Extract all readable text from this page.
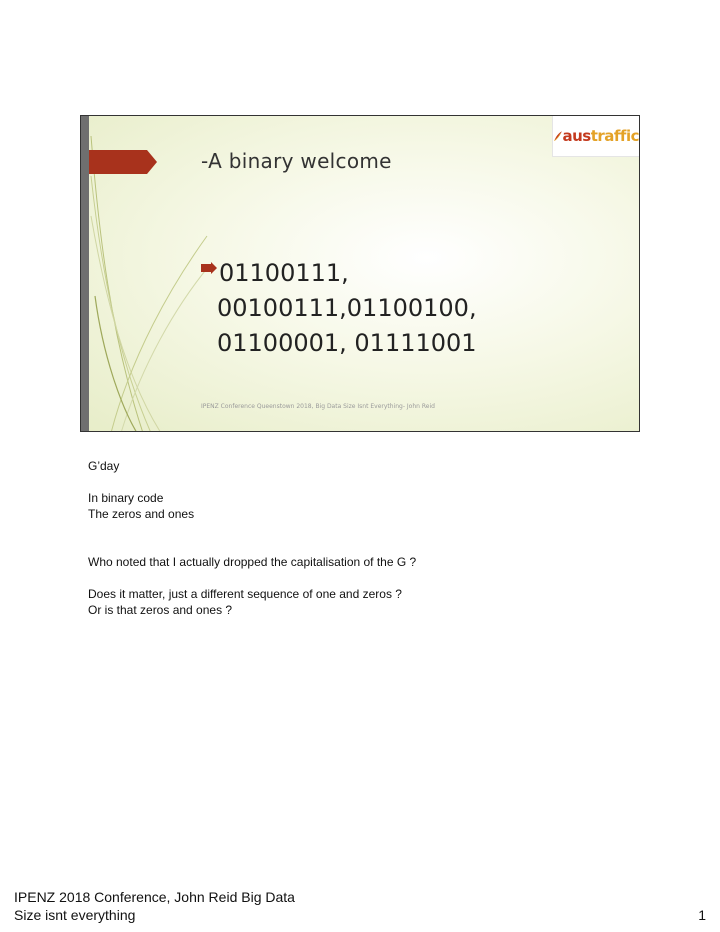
-A binary welcome
austraffic
01100111,
00100111,01100100,
01100001, 01111001
IPENZ Conference Queenstown 2018, Big Data Size Isnt Everything- John Reid

G’day

In binary code

The zeros and ones

Who noted that I actually dropped the capitalisation of the G ?

Does it matter, just a different sequence of one and zeros ?

Or is that zeros and ones ?

IPENZ 2018 Conference, John Reid Big Data

Size isnt everything	1
